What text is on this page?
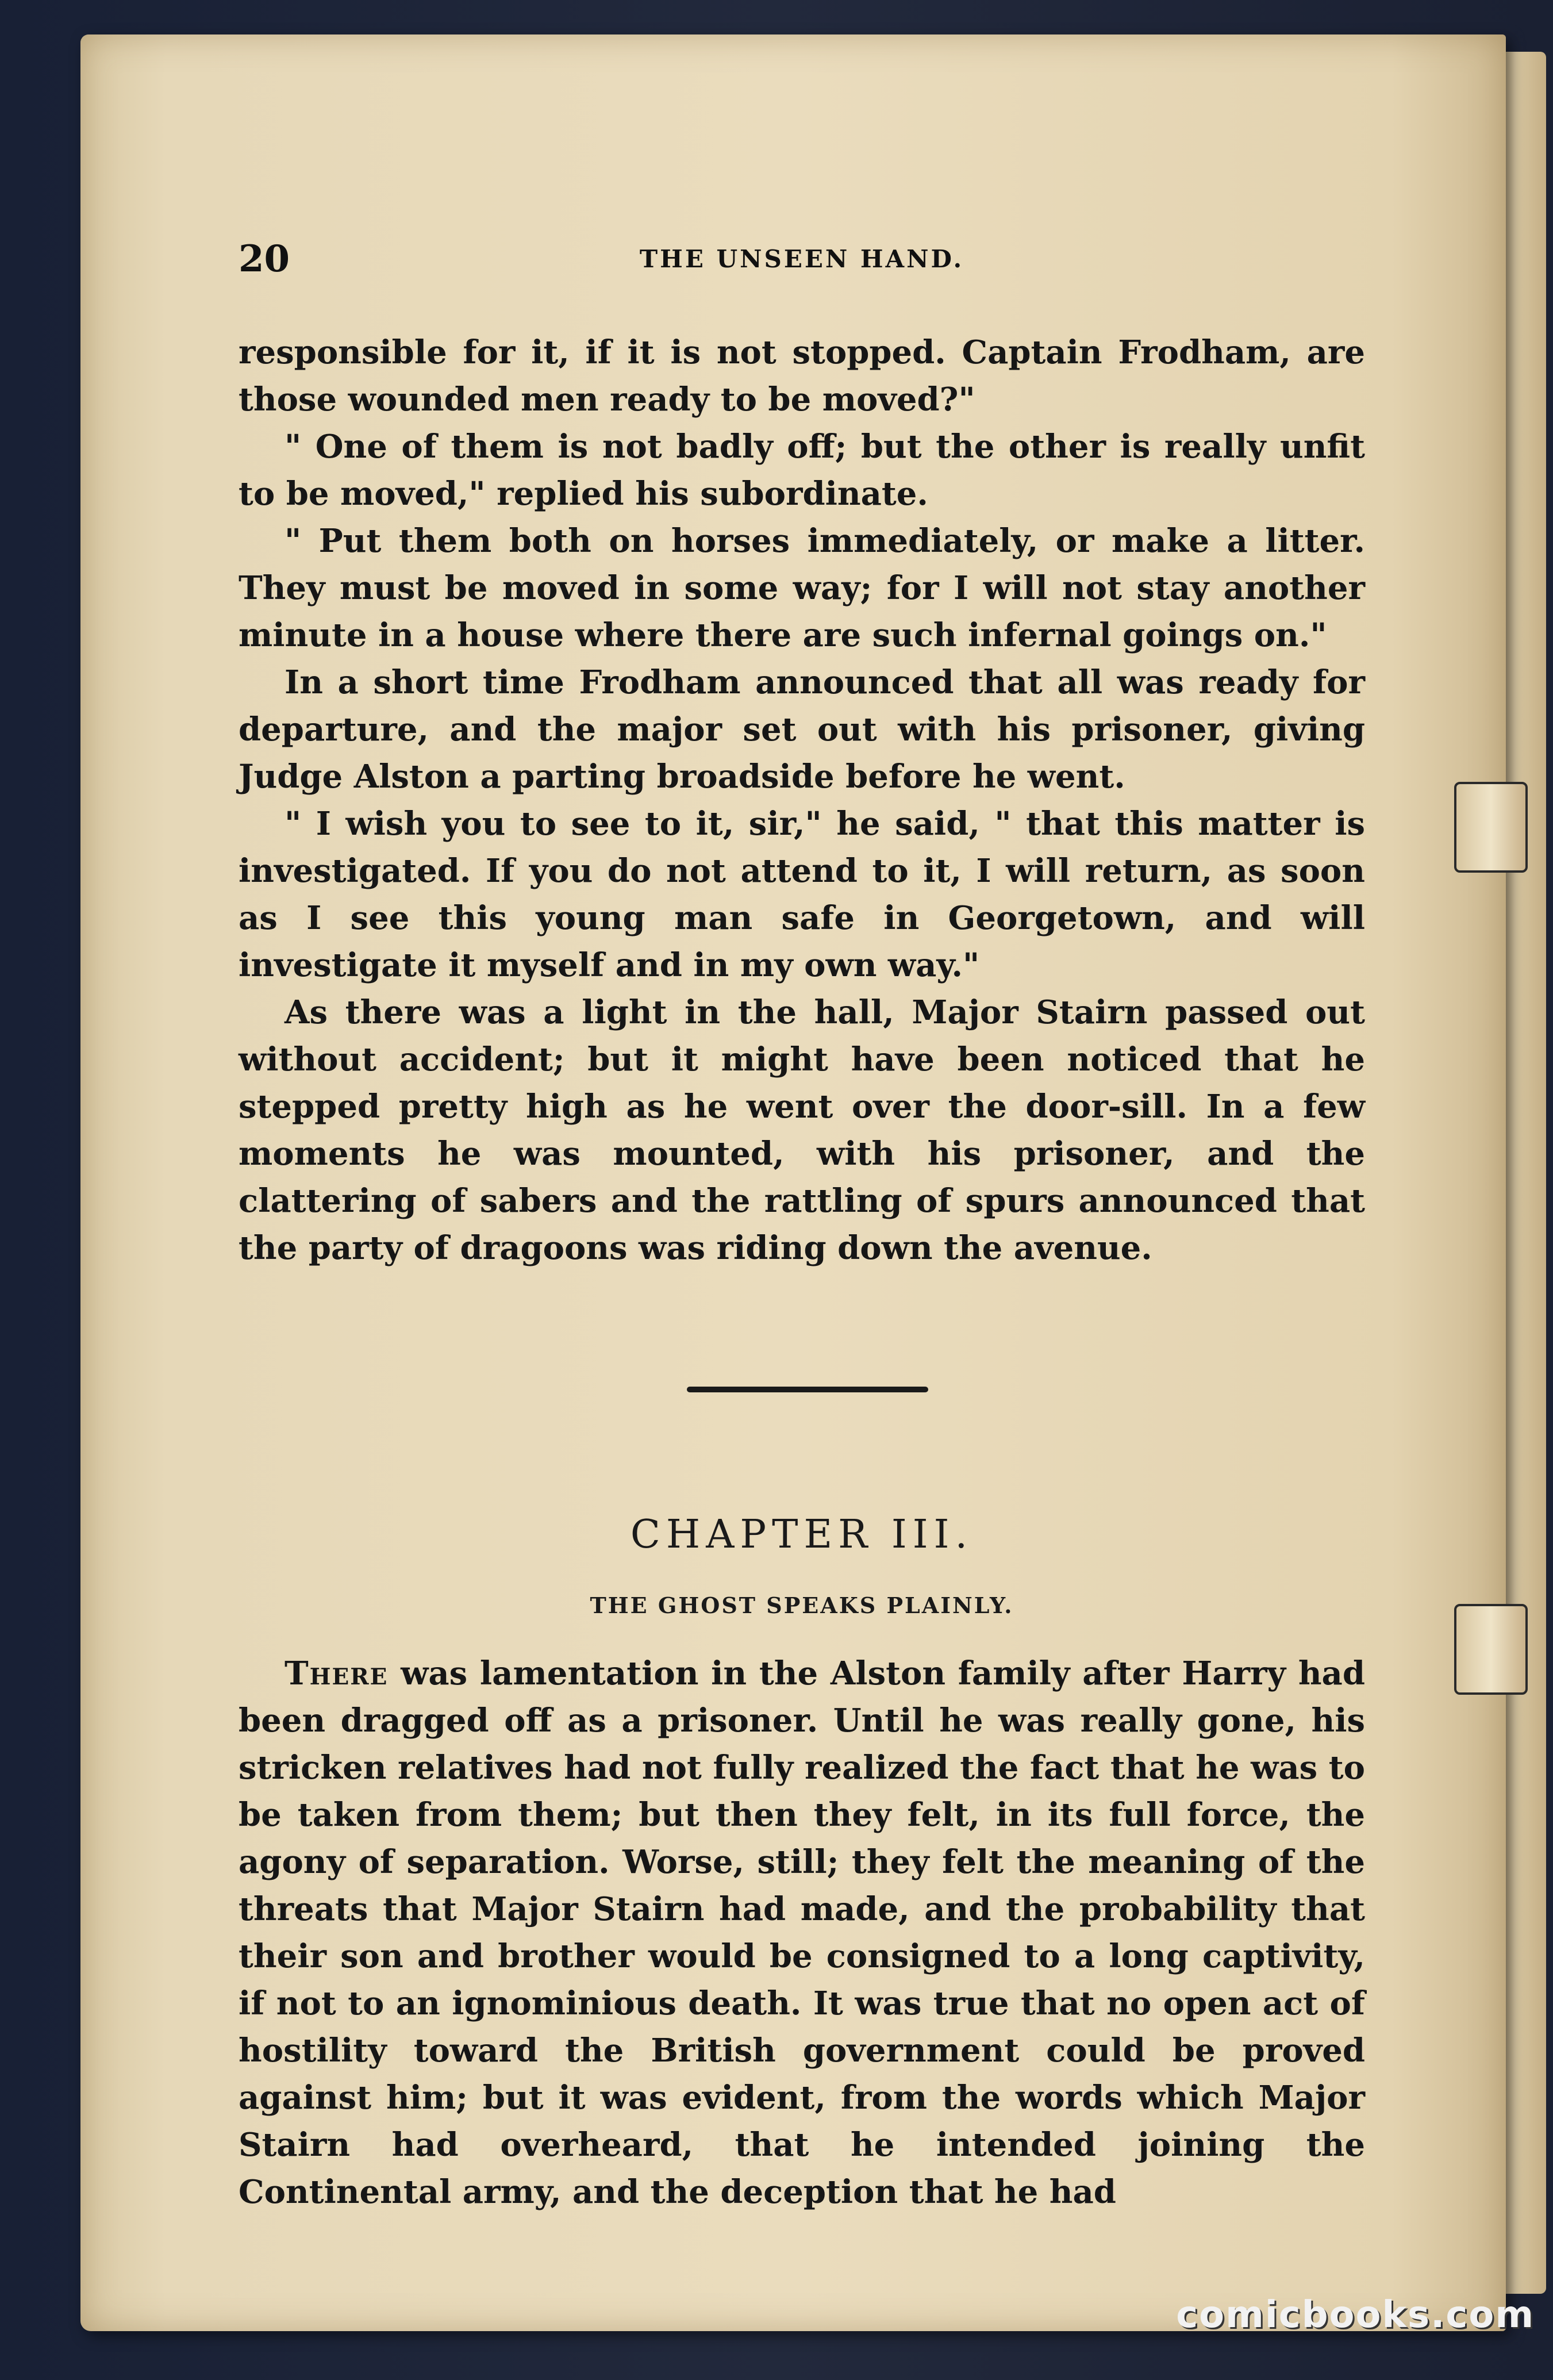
20	THE UNSEEN HAND.

responsible for it, if it is not stopped. Captain Frodham, are those wounded men ready to be moved?"

" One of them is not badly off; but the other is really unfit to be moved," replied his subordinate.

" Put them both on horses immediately, or make a litter. They must be moved in some way; for I will not stay another minute in a house where there are such infernal goings on."

In a short time Frodham announced that all was ready for departure, and the major set out with his prisoner, giving Judge Alston a parting broadside before he went.

" I wish you to see to it, sir," he said, " that this matter is investigated. If you do not attend to it, I will return, as soon as I see this young man safe in Georgetown, and will investigate it myself and in my own way."

As there was a light in the hall, Major Stairn passed out without accident; but it might have been noticed that he stepped pretty high as he went over the door-sill. In a few moments he was mounted, with his prisoner, and the clattering of sabers and the rattling of spurs announced that the party of dragoons was riding down the avenue.

CHAPTER III.
THE GHOST SPEAKS PLAINLY.

There was lamentation in the Alston family after Harry had been dragged off as a prisoner. Until he was really gone, his stricken relatives had not fully realized the fact that he was to be taken from them; but then they felt, in its full force, the agony of separation. Worse, still; they felt the meaning of the threats that Major Stairn had made, and the probability that their son and brother would be consigned to a long captivity, if not to an ignominious death. It was true that no open act of hostility toward the British government could be proved against him; but it was evident, from the words which Major Stairn had overheard, that he intended joining the Continental army, and the deception that he had

comicbooks.com
